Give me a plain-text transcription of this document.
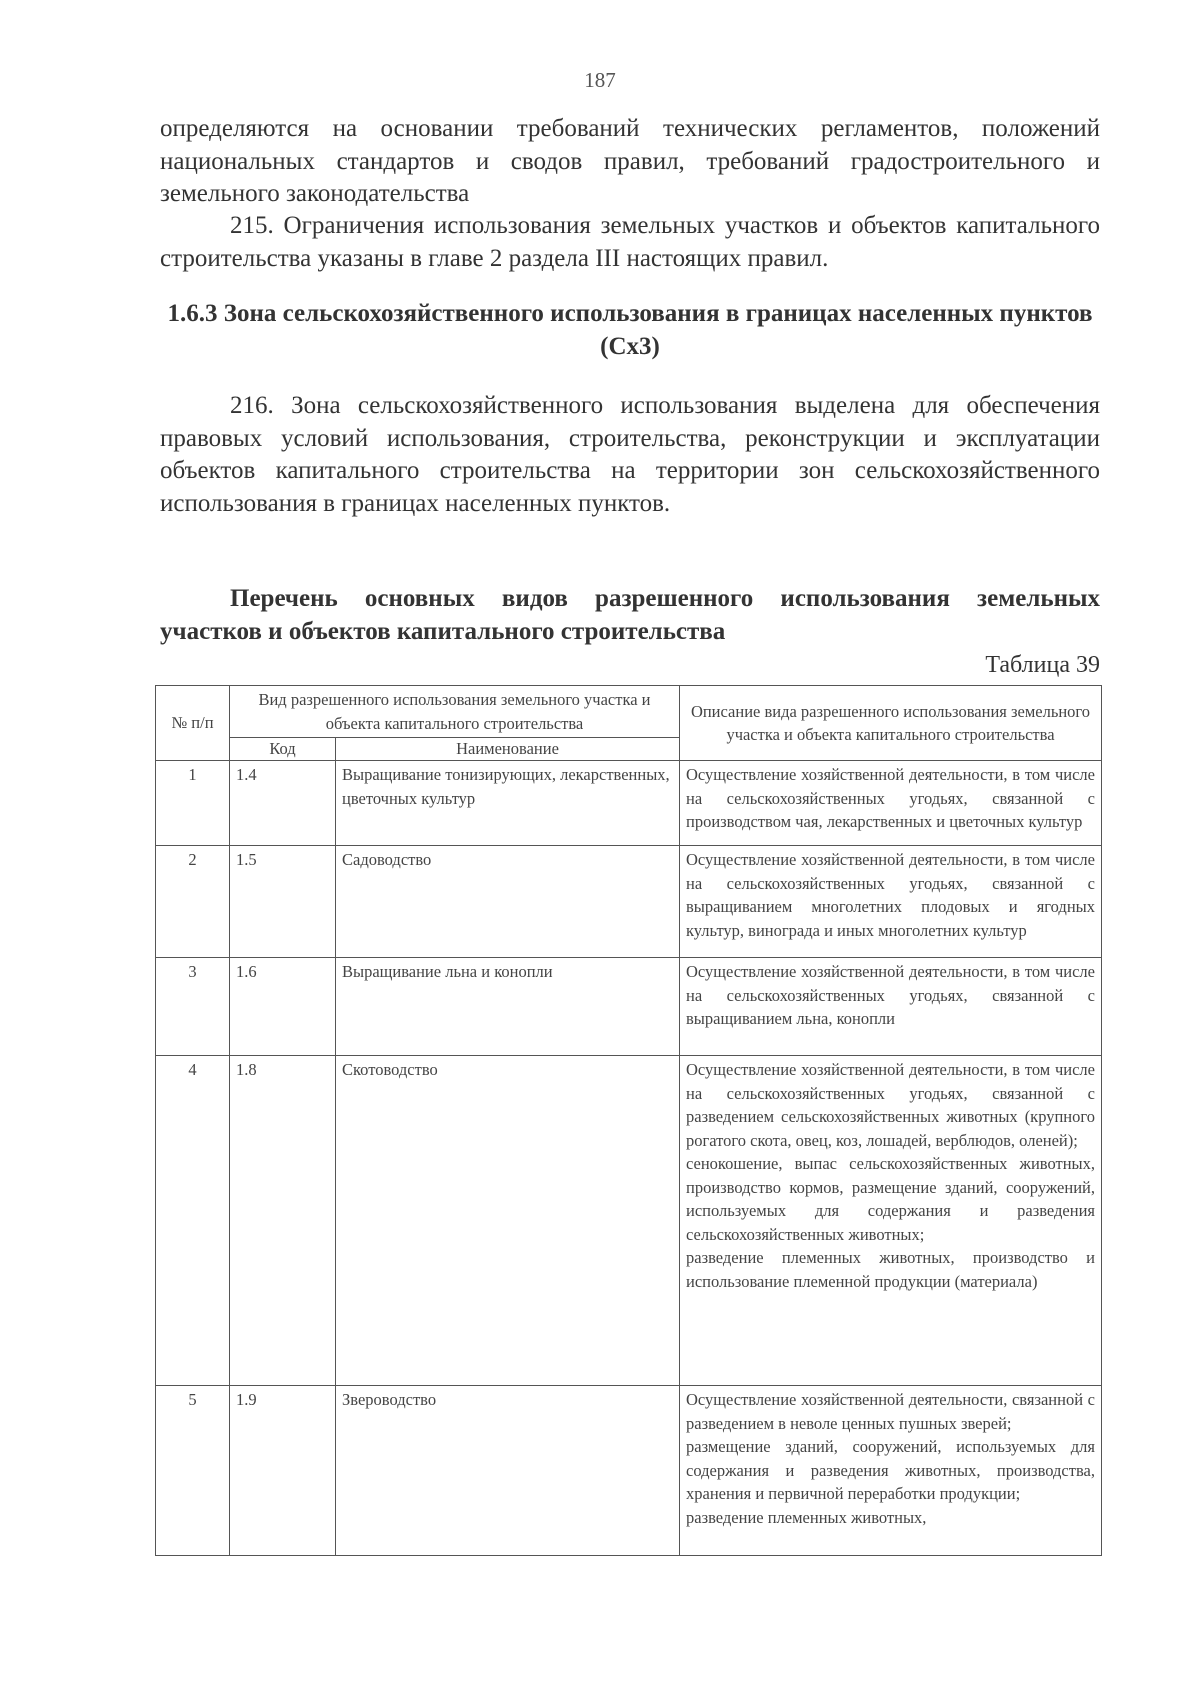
187
определяются на основании требований технических регламентов, положений национальных стандартов и сводов правил, требований градостроительного и земельного законодательства
215. Ограничения использования земельных участков и объектов капитального строительства указаны в главе 2 раздела III настоящих правил.
1.6.3 Зона сельскохозяйственного использования в границах населенных пунктов (Сх3)
216. Зона сельскохозяйственного использования выделена для обеспечения правовых условий использования, строительства, реконструкции и эксплуатации объектов капитального строительства на территории зон сельскохозяйственного использования в границах населенных пунктов.
Перечень основных видов разрешенного использования земельных участков и объектов капитального строительства
Таблица 39
№ п/п	Вид разрешенного использования земельного участка и объекта капитального строительства		Описание вида разрешенного использования земельного участка и объекта капитального строительства
	Код	Наименование	
1	1.4	Выращивание тонизирующих, лекарственных, цветочных культур	Осуществление хозяйственной деятельности, в том числе на сельскохозяйственных угодьях, связанной с производством чая, лекарственных и цветочных культур

2	1.5	Садоводство	Осуществление хозяйственной деятельности, в том числе на сельскохозяйственных угодьях, связанной с выращиванием многолетних плодовых и ягодных культур, винограда и иных многолетних культур

3	1.6	Выращивание льна и конопли	Осуществление хозяйственной деятельности, в том числе на сельскохозяйственных угодьях, связанной с выращиванием льна, конопли

4	1.8	Скотоводство	Осуществление хозяйственной деятельности, в том числе на сельскохозяйственных угодьях, связанной с разведением сельскохозяйственных животных (крупного рогатого скота, овец, коз, лошадей, верблюдов, оленей);
сенокошение, выпас сельскохозяйственных животных, производство кормов, размещение зданий, сооружений, используемых для содержания и разведения сельскохозяйственных животных;
разведение племенных животных, производство и использование племенной продукции (материала)

5	1.9	Звероводство	Осуществление хозяйственной деятельности, связанной с разведением в неволе ценных пушных зверей;
размещение зданий, сооружений, используемых для содержания и разведения животных, производства, хранения и первичной переработки продукции;
разведение племенных животных,
